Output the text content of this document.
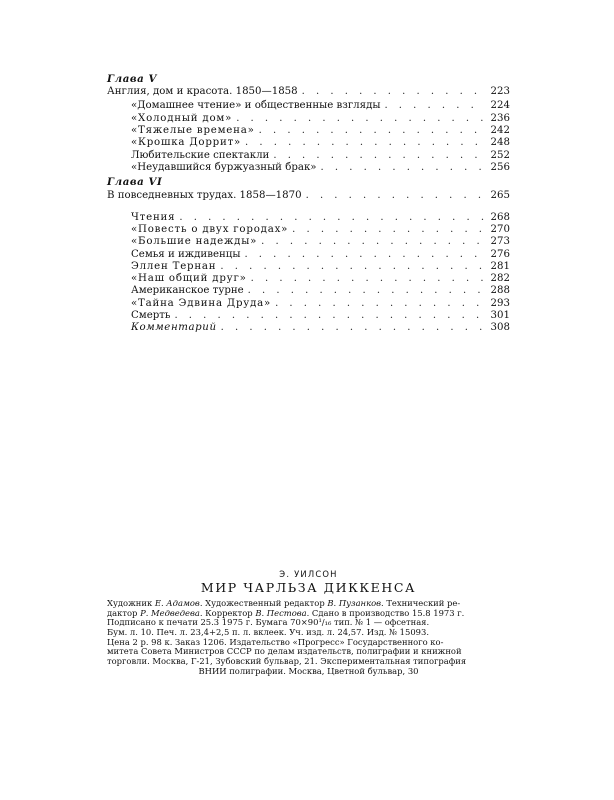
Глава V
Англия, дом и красота. 1850—1858 . . .	223
«Домашнее чтение» и общественные взгляды . . .	224
«Холодный дом» . . .	236
«Тяжелые времена» . . .	242
«Крошка Доррит» . . .	248
Любительские спектакли . . .	252
«Неудавшийся буржуазный брак» . . .	256
Глава VI
В повседневных трудах. 1858—1870 . . .	265
Чтения . . .	268
«Повесть о двух городах» . . .	270
«Большие надежды» . . .	273
Семья и иждивенцы . . .	276
Эллен Тернан . . .	281
«Наш общий друг» . . .	282
Американское турне . . .	288
«Тайна Эдвина Друда» . . .	293
Смерть . . .	301
Комментарий . . .	308
Э. УИЛСОН
МИР ЧАРЛЬЗА ДИККЕНСА
Художник Е. Адамов. Художественный редактор В. Пузанков. Технический ре-
дактор Р. Медведева. Корректор В. Пестова. Сдано в производство 15.8 1973 г.
Подписано к печати 25.3 1975 г. Бумага 70×90¹/₁₆ тип. № 1 — офсетная.
Бум. л. 10. Печ. л. 23,4+2,5 п. л. вклеек. Уч. изд. л. 24,57. Изд. № 15093.
Цена 2 р. 98 к. Заказ 1206. Издательство «Прогресс» Государственного ко-
митета Совета Министров СССР по делам издательств, полиграфии и книжной
торговли. Москва, Г-21, Зубовский бульвар, 21. Экспериментальная типография
ВНИИ полиграфии. Москва, Цветной бульвар, 30
